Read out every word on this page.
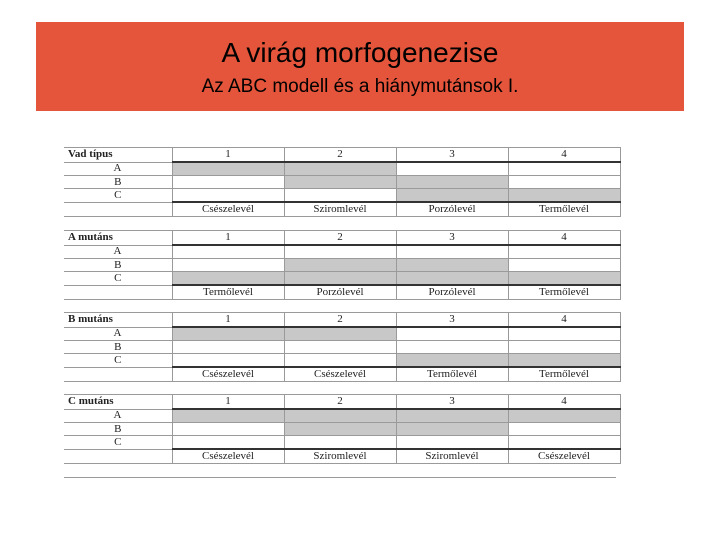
A virág morfogenezise
Az ABC modell és a hiánymutánsok I.
Vad típus	1	2	3	4
A				
B				
C				
	Csészelevél	Sziromlevél	Porzólevél	Termőlevél
A mutáns	1	2	3	4
A				
B				
C				
	Termőlevél	Porzólevél	Porzólevél	Termőlevél
B mutáns	1	2	3	4
A				
B				
C				
	Csészelevél	Csészelevél	Termőlevél	Termőlevél
C mutáns	1	2	3	4
A				
B				
C				
	Csészelevél	Sziromlevél	Sziromlevél	Csészelevél
